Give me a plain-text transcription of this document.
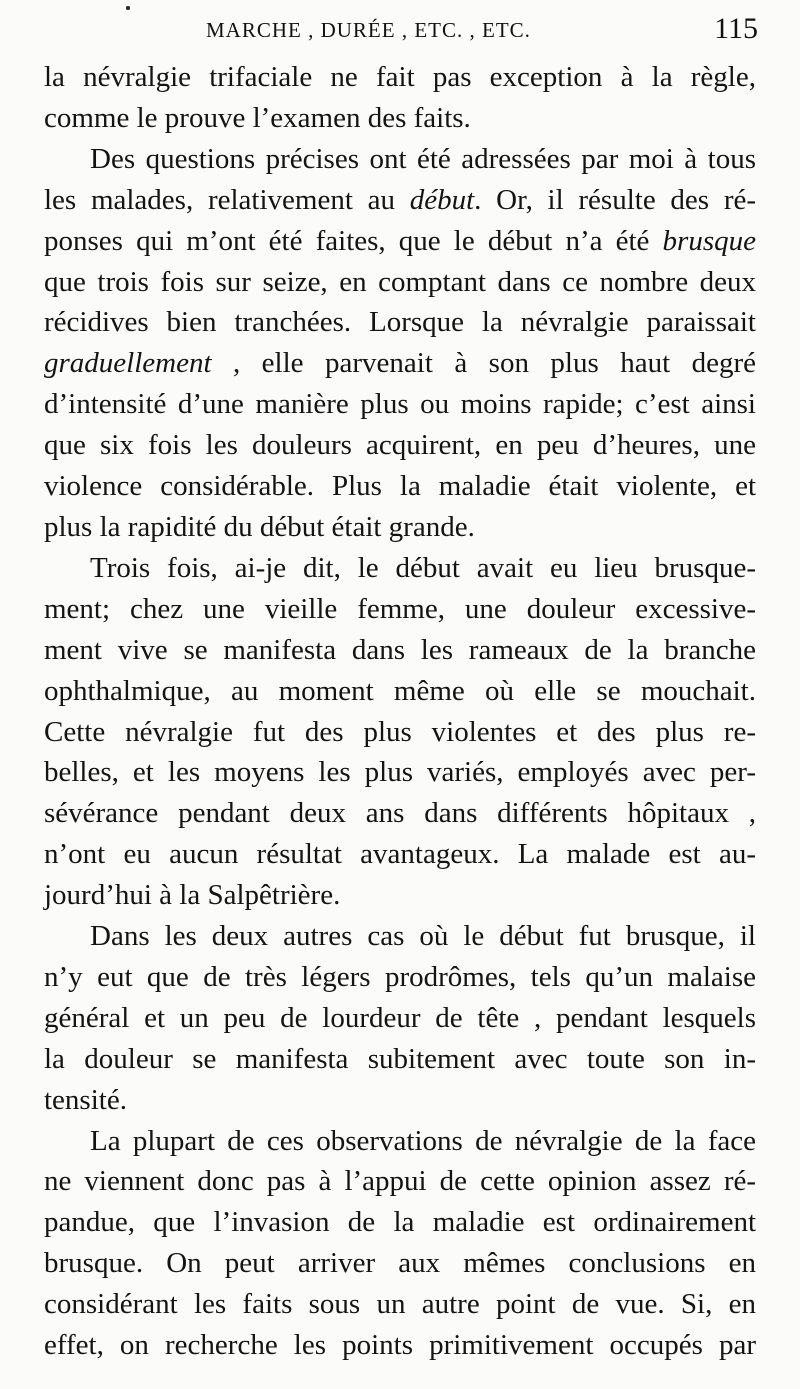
MARCHE , DURÉE , ETC. , ETC.	115

la névralgie trifaciale ne fait pas exception à la règle,
comme le prouve l’examen des faits.

Des questions précises ont été adressées par moi à tous
les malades, relativement au début. Or, il résulte des ré-
ponses qui m’ont été faites, que le début n’a été brusque
que trois fois sur seize, en comptant dans ce nombre deux
récidives bien tranchées. Lorsque la névralgie paraissait
graduellement , elle parvenait à son plus haut degré
d’intensité d’une manière plus ou moins rapide; c’est ainsi
que six fois les douleurs acquirent, en peu d’heures, une
violence considérable. Plus la maladie était violente, et
plus la rapidité du début était grande.

Trois fois, ai-je dit, le début avait eu lieu brusque-
ment; chez une vieille femme, une douleur excessive-
ment vive se manifesta dans les rameaux de la branche
ophthalmique, au moment même où elle se mouchait.
Cette névralgie fut des plus violentes et des plus re-
belles, et les moyens les plus variés, employés avec per-
sévérance pendant deux ans dans différents hôpitaux ,
n’ont eu aucun résultat avantageux. La malade est au-
jourd’hui à la Salpêtrière.

Dans les deux autres cas où le début fut brusque, il
n’y eut que de très légers prodrômes, tels qu’un malaise
général et un peu de lourdeur de tête , pendant lesquels
la douleur se manifesta subitement avec toute son in-
tensité.

La plupart de ces observations de névralgie de la face
ne viennent donc pas à l’appui de cette opinion assez ré-
pandue, que l’invasion de la maladie est ordinairement
brusque. On peut arriver aux mêmes conclusions en
considérant les faits sous un autre point de vue. Si, en
effet, on recherche les points primitivement occupés par
